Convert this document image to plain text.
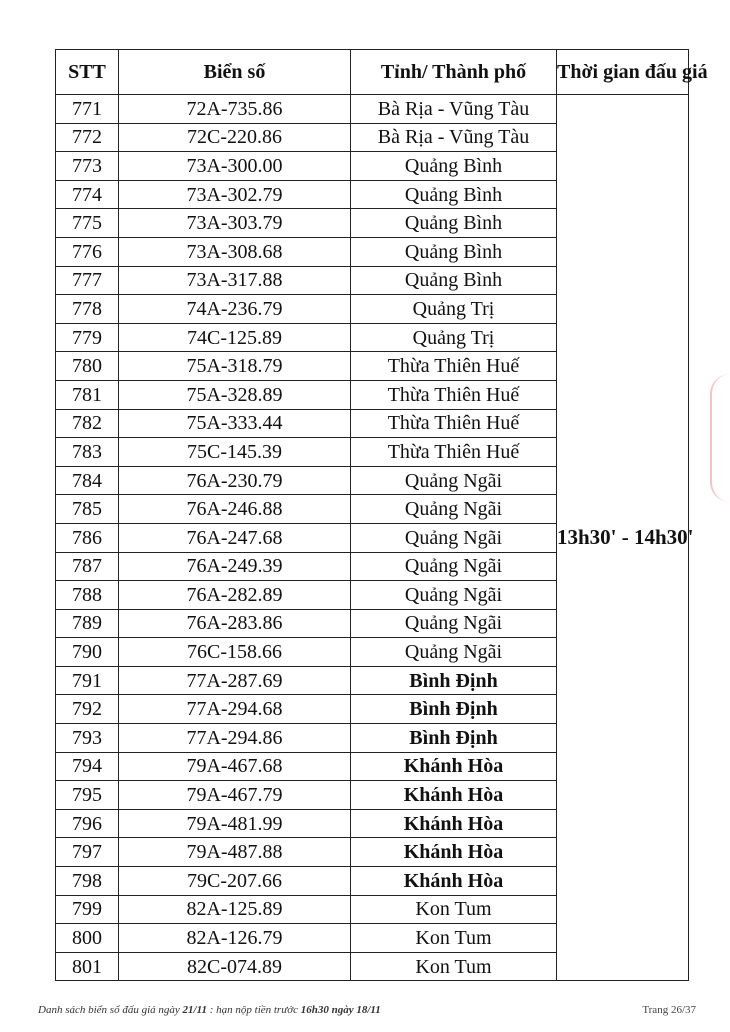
STT	Biển số	Tỉnh/ Thành phố	Thời gian đấu giá
771	72A-735.86	Bà Rịa - Vũng Tàu	13h30' - 14h30'
772	72C-220.86	Bà Rịa - Vũng Tàu	
773	73A-300.00	Quảng Bình	
774	73A-302.79	Quảng Bình	
775	73A-303.79	Quảng Bình	
776	73A-308.68	Quảng Bình	
777	73A-317.88	Quảng Bình	
778	74A-236.79	Quảng Trị	
779	74C-125.89	Quảng Trị	
780	75A-318.79	Thừa Thiên Huế	
781	75A-328.89	Thừa Thiên Huế	
782	75A-333.44	Thừa Thiên Huế	
783	75C-145.39	Thừa Thiên Huế	
784	76A-230.79	Quảng Ngãi	
785	76A-246.88	Quảng Ngãi	
786	76A-247.68	Quảng Ngãi	
787	76A-249.39	Quảng Ngãi	
788	76A-282.89	Quảng Ngãi	
789	76A-283.86	Quảng Ngãi	
790	76C-158.66	Quảng Ngãi	
791	77A-287.69	Bình Định	
792	77A-294.68	Bình Định	
793	77A-294.86	Bình Định	
794	79A-467.68	Khánh Hòa	
795	79A-467.79	Khánh Hòa	
796	79A-481.99	Khánh Hòa	
797	79A-487.88	Khánh Hòa	
798	79C-207.66	Khánh Hòa	
799	82A-125.89	Kon Tum	
800	82A-126.79	Kon Tum	
801	82C-074.89	Kon Tum	
Danh sách biển số đấu giá ngày 21/11 : hạn nộp tiền trước 16h30 ngày 18/11	Trang 26/37
